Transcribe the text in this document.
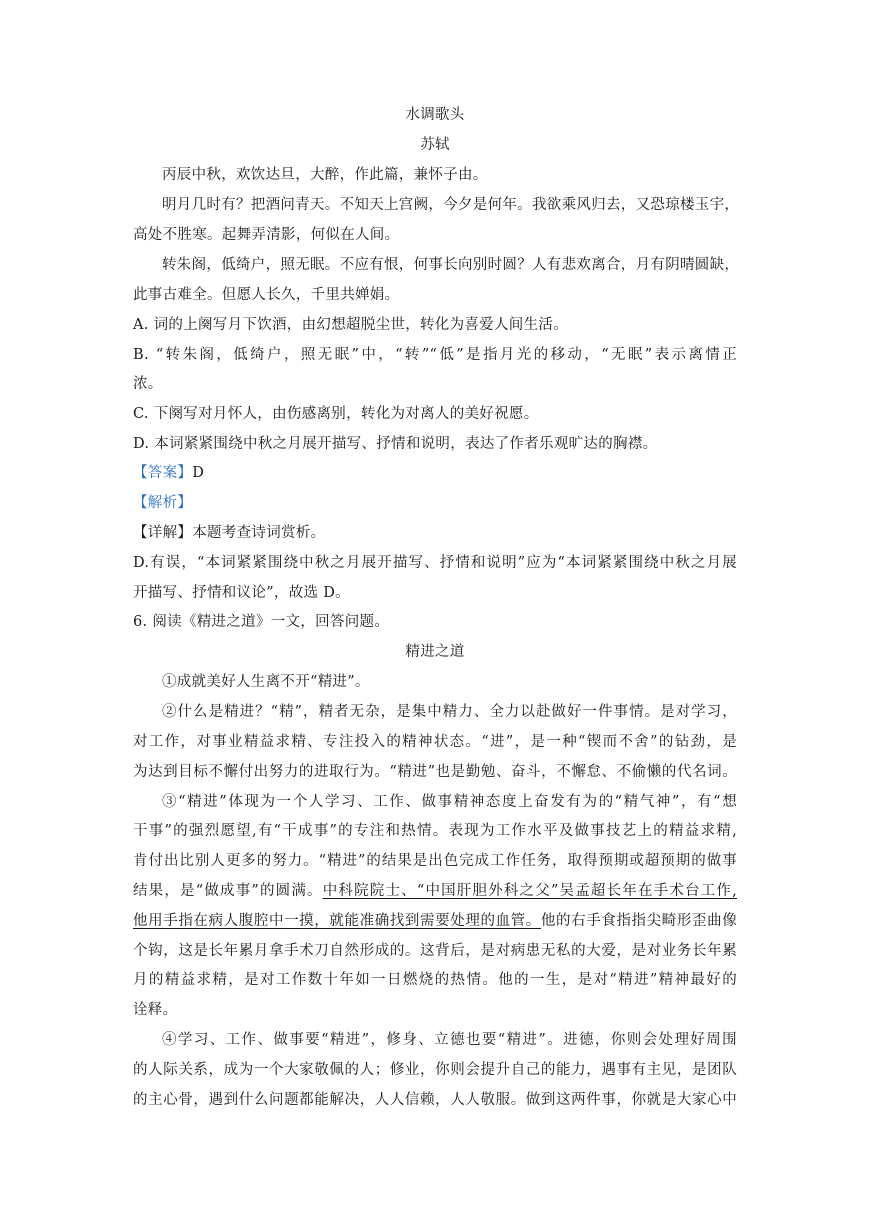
水调歌头
苏轼
丙辰中秋，欢饮达旦，大醉，作此篇，兼怀子由。
明月几时有？把酒问青天。不知天上宫阙，今夕是何年。我欲乘风归去，又恐琼楼玉宇，
高处不胜寒。起舞弄清影，何似在人间。
转朱阁，低绮户，照无眠。不应有恨，何事长向别时圆？人有悲欢离合，月有阴晴圆缺，
此事古难全。但愿人长久，千里共婵娟。
A. 词的上阕写月下饮酒，由幻想超脱尘世，转化为喜爱人间生活。
B. “转朱阁，低绮户，照无眠”中，“转”“低”是指月光的移动，“无眠”表示离情正
浓。
C. 下阕写对月怀人，由伤感离别，转化为对离人的美好祝愿。
D. 本词紧紧围绕中秋之月展开描写、抒情和说明，表达了作者乐观旷达的胸襟。
【答案】D
【解析】
【详解】本题考查诗词赏析。
D.有误，“本词紧紧围绕中秋之月展开描写、抒情和说明”应为“本词紧紧围绕中秋之月展
开描写、抒情和议论”，故选 D。
6. 阅读《精进之道》一文，回答问题。
精进之道
①成就美好人生离不开“精进”。
②什么是精进？“精”，精者无杂，是集中精力、全力以赴做好一件事情。是对学习，
对工作，对事业精益求精、专注投入的精神状态。“进”，是一种“锲而不舍”的钻劲，是
为达到目标不懈付出努力的进取行为。“精进”也是勤勉、奋斗，不懈怠、不偷懒的代名词。
③“精进”体现为一个人学习、工作、做事精神态度上奋发有为的“精气神”，有“想
干事”的强烈愿望,有“干成事”的专注和热情。表现为工作水平及做事技艺上的精益求精,
肯付出比别人更多的努力。“精进”的结果是出色完成工作任务，取得预期或超预期的做事
结果，是“做成事”的圆满。中科院院士、“中国肝胆外科之父”吴孟超长年在手术台工作,
他用手指在病人腹腔中一摸，就能准确找到需要处理的血管。他的右手食指指尖畸形歪曲像
个钩，这是长年累月拿手术刀自然形成的。这背后，是对病患无私的大爱，是对业务长年累
月的精益求精，是对工作数十年如一日燃烧的热情。他的一生，是对“精进”精神最好的
诠释。
④学习、工作、做事要“精进”，修身、立德也要“精进”。进德，你则会处理好周围
的人际关系，成为一个大家敬佩的人；修业，你则会提升自己的能力，遇事有主见，是团队
的主心骨，遇到什么问题都能解决，人人信赖，人人敬服。做到这两件事，你就是大家心中
